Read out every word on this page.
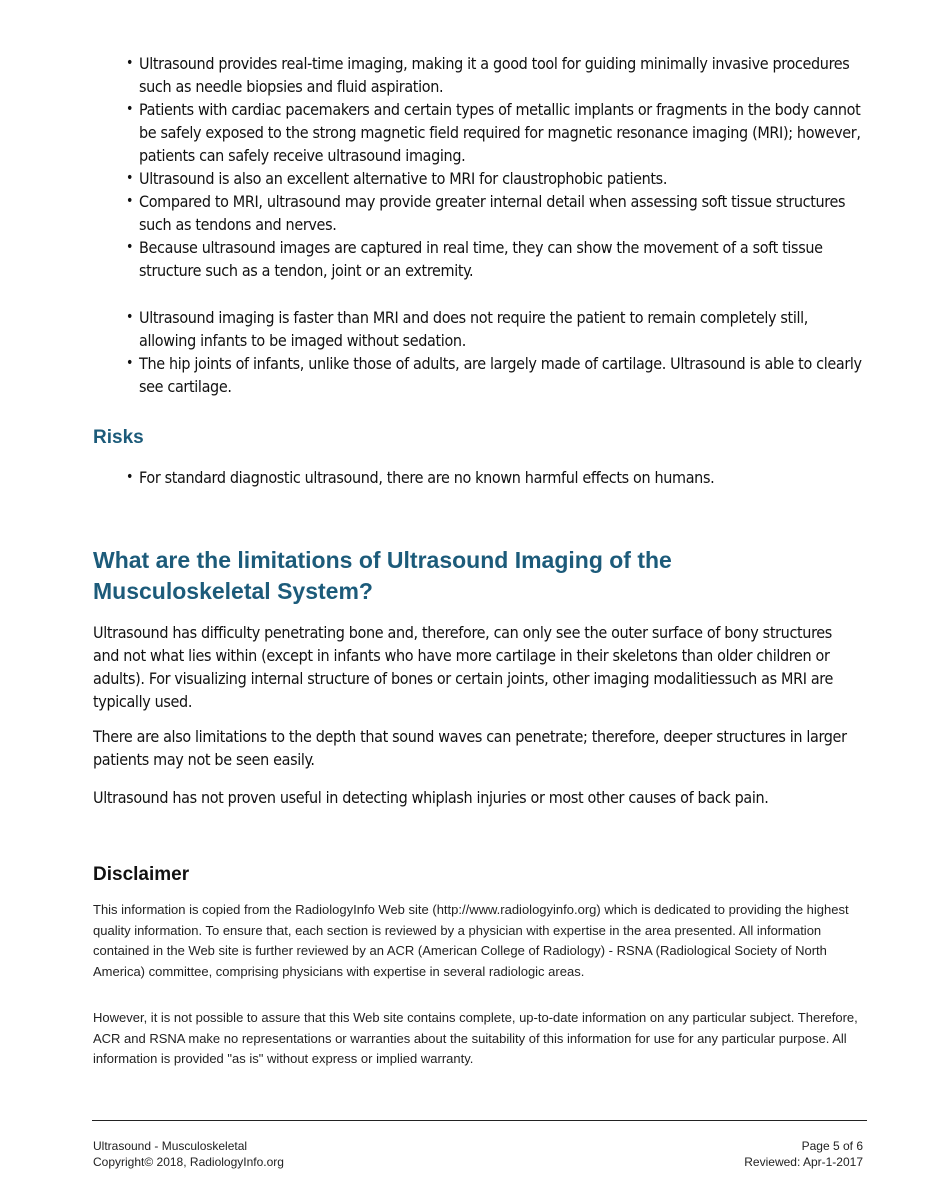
• Ultrasound provides real-time imaging, making it a good tool for guiding minimally invasive procedures such as needle biopsies and fluid aspiration.
• Patients with cardiac pacemakers and certain types of metallic implants or fragments in the body cannot be safely exposed to the strong magnetic field required for magnetic resonance imaging (MRI); however, patients can safely receive ultrasound imaging.
• Ultrasound is also an excellent alternative to MRI for claustrophobic patients.
• Compared to MRI, ultrasound may provide greater internal detail when assessing soft tissue structures such as tendons and nerves.
• Because ultrasound images are captured in real time, they can show the movement of a soft tissue structure such as a tendon, joint or an extremity.
• Ultrasound imaging is faster than MRI and does not require the patient to remain completely still, allowing infants to be imaged without sedation.
• The hip joints of infants, unlike those of adults, are largely made of cartilage. Ultrasound is able to clearly see cartilage.
Risks
• For standard diagnostic ultrasound, there are no known harmful effects on humans.
What are the limitations of Ultrasound Imaging of the Musculoskeletal System?

Ultrasound has difficulty penetrating bone and, therefore, can only see the outer surface of bony structures and not what lies within (except in infants who have more cartilage in their skeletons than older children or adults). For visualizing internal structure of bones or certain joints, other imaging modalitiessuch as MRI are typically used.

There are also limitations to the depth that sound waves can penetrate; therefore, deeper structures in larger patients may not be seen easily.

Ultrasound has not proven useful in detecting whiplash injuries or most other causes of back pain.

Disclaimer

This information is copied from the RadiologyInfo Web site (http://www.radiologyinfo.org) which is dedicated to providing the highest quality information. To ensure that, each section is reviewed by a physician with expertise in the area presented. All information contained in the Web site is further reviewed by an ACR (American College of Radiology) - RSNA (Radiological Society of North America) committee, comprising physicians with expertise in several radiologic areas.

However, it is not possible to assure that this Web site contains complete, up-to-date information on any particular subject. Therefore, ACR and RSNA make no representations or warranties about the suitability of this information for use for any particular purpose. All information is provided "as is" without express or implied warranty.

Ultrasound - Musculoskeletal
Copyright© 2018, RadiologyInfo.org
Page 5 of 6
Reviewed: Apr-1-2017
